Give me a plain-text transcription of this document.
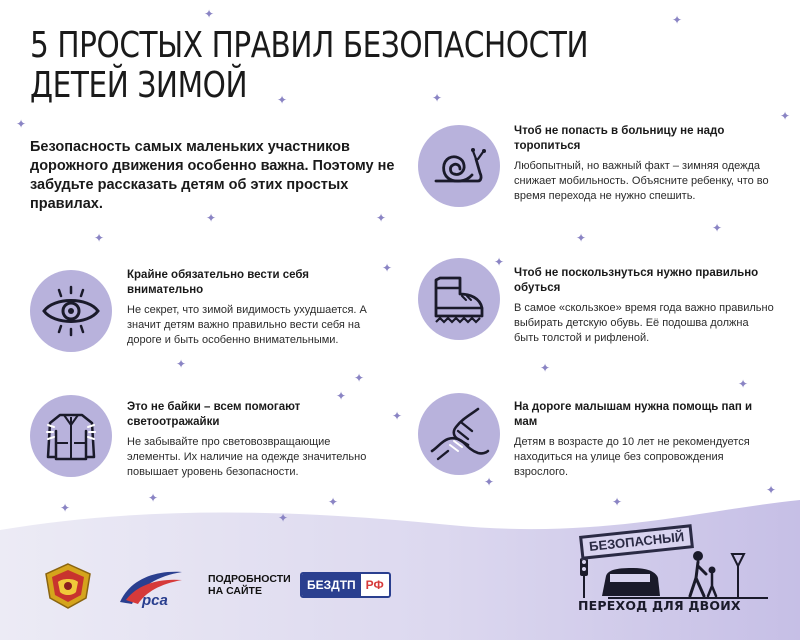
✦
✦
✦
✦
✦
✦
✦
✦
✦
✦	✦
✦	✦
✦
✦
✦
✦
✦
✦
✦	✦
✦
✦
✦
✦
✦
5 ПРОСТЫХ ПРАВИЛ БЕЗОПАСНОСТИ
ДЕТЕЙ ЗИМОЙ

Безопасность самых маленьких участников дорожного движения особенно важна. Поэтому не забудьте рассказать детям об этих простых правилах.

Крайне обязательно вести себя внимательно
Не секрет, что зимой видимость ухудшается. А значит детям важно правильно вести себя на дороге и быть особенно внимательными.
Это не байки – всем помогают светоотражайки
Не забывайте про световозвращающие элементы. Их наличие на одежде значительно повышает уровень безопасности.
Чтоб не попасть в больницу не надо торопиться
Любопытный, но важный факт – зимняя одежда снижает мобильность. Объясните ребенку, что во время перехода не нужно спешить.
Чтоб не поскользнуться нужно правильно обуться
В самое «скользкое» время года важно правильно выбирать детскую обувь. Её подошва должна быть толстой и рифленой.
На дороге малышам нужна помощь пап и мам
Детям в возрасте до 10 лет не рекомендуется находиться на улице без сопровождения взрослого.
рса
ПОДРОБНОСТИ
НА САЙТЕ	БЕЗДТП РФ
БЕЗОПАСНЫЙ
ПЕРЕХОД ДЛЯ ДВОИХ
